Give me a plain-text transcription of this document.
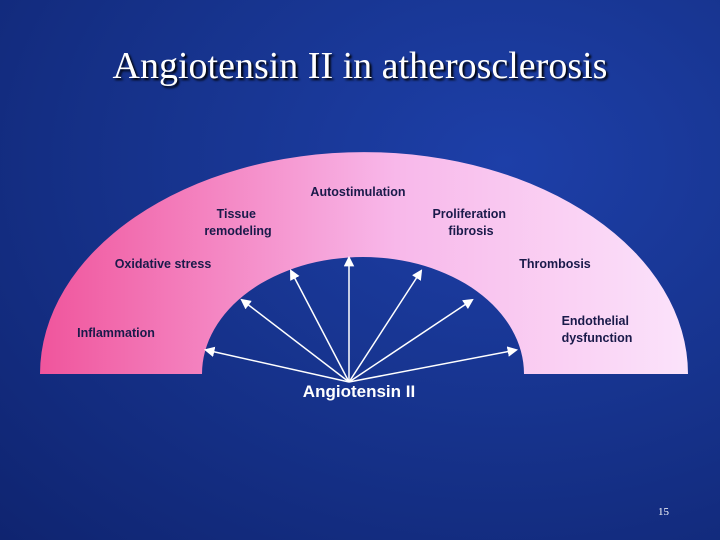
Angiotensin II in atherosclerosis
Inflammation
Oxidative stress
Tissue remodeling
Autostimulation
Proliferation fibrosis
Thrombosis
Endothelial dysfunction
Angiotensin II
15
